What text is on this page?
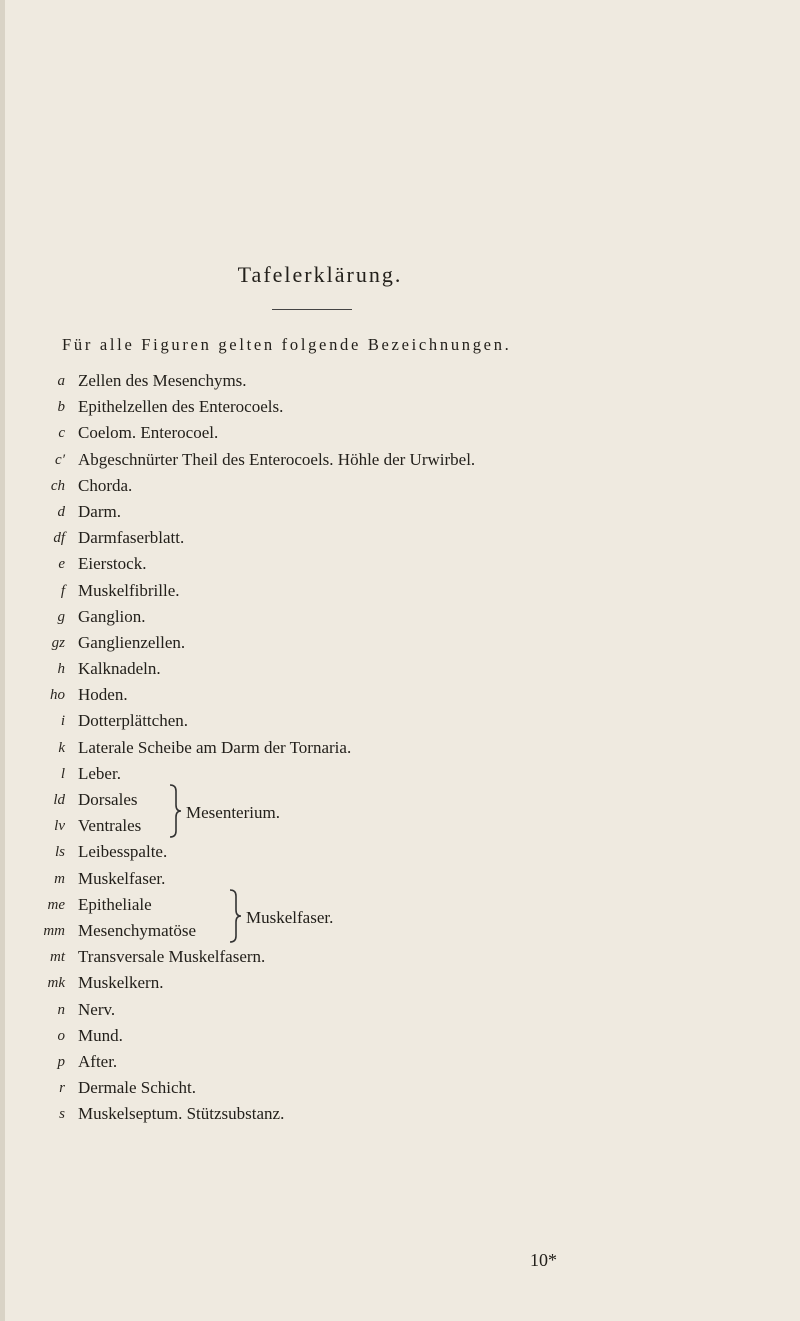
Tafelerklärung.
Für alle Figuren gelten folgende Bezeichnungen.
a Zellen des Mesenchyms.
b Epithelzellen des Enterocoels.
c Coelom. Enterocoel.
c′ Abgeschnürter Theil des Enterocoels. Höhle der Urwirbel.
ch Chorda.
d Darm.
df Darmfaserblatt.
e Eierstock.
f Muskelfibrille.
g Ganglion.
gz Ganglienzellen.
h Kalknadeln.
ho Hoden.
i Dotterplättchen.
k Laterale Scheibe am Darm der Tornaria.
l Leber.
ld Dorsales
lv Ventrales
Mesenterium.
ls Leibesspalte.
m Muskelfaser.
me Epitheliale
mm Mesenchymatöse
Muskelfaser.
mt Transversale Muskelfasern.
mk Muskelkern.
n Nerv.
o Mund.
p After.
r Dermale Schicht.
s Muskelseptum. Stützsubstanz.
10*
